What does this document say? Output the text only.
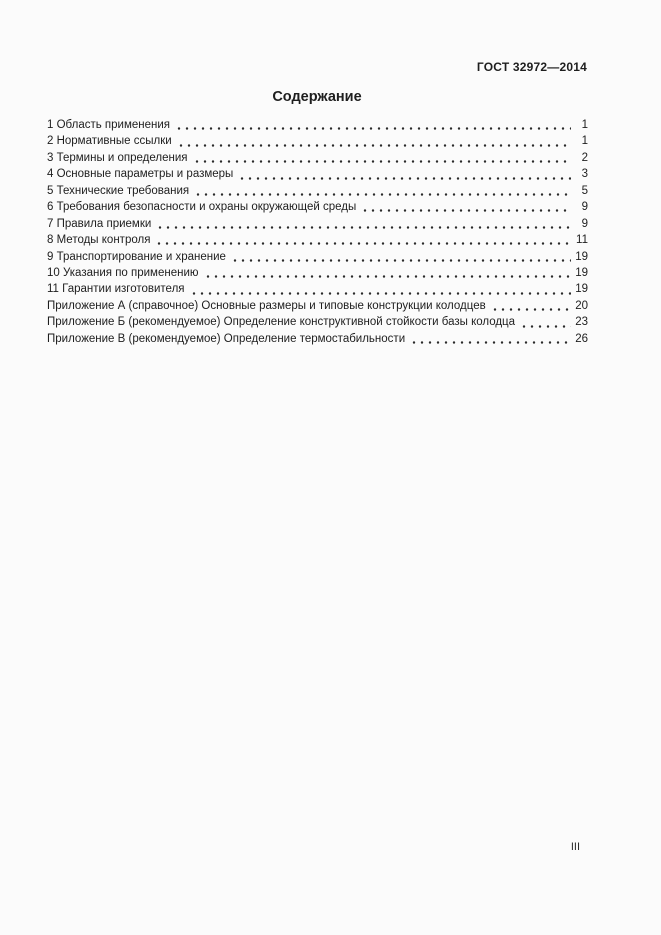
ГОСТ 32972—2014
Содержание
1 Область применения	1
2 Нормативные ссылки	1
3 Термины и определения	2
4 Основные параметры и размеры	3
5 Технические требования	5
6 Требования безопасности и охраны окружающей среды	9
7 Правила приемки	9
8 Методы контроля	11
9 Транспортирование и хранение	19
10 Указания по применению	19
11 Гарантии изготовителя	19
Приложение А (справочное) Основные размеры и типовые конструкции колодцев	20
Приложение Б (рекомендуемое) Определение конструктивной стойкости базы колодца	23
Приложение В (рекомендуемое) Определение термостабильности	26
III
